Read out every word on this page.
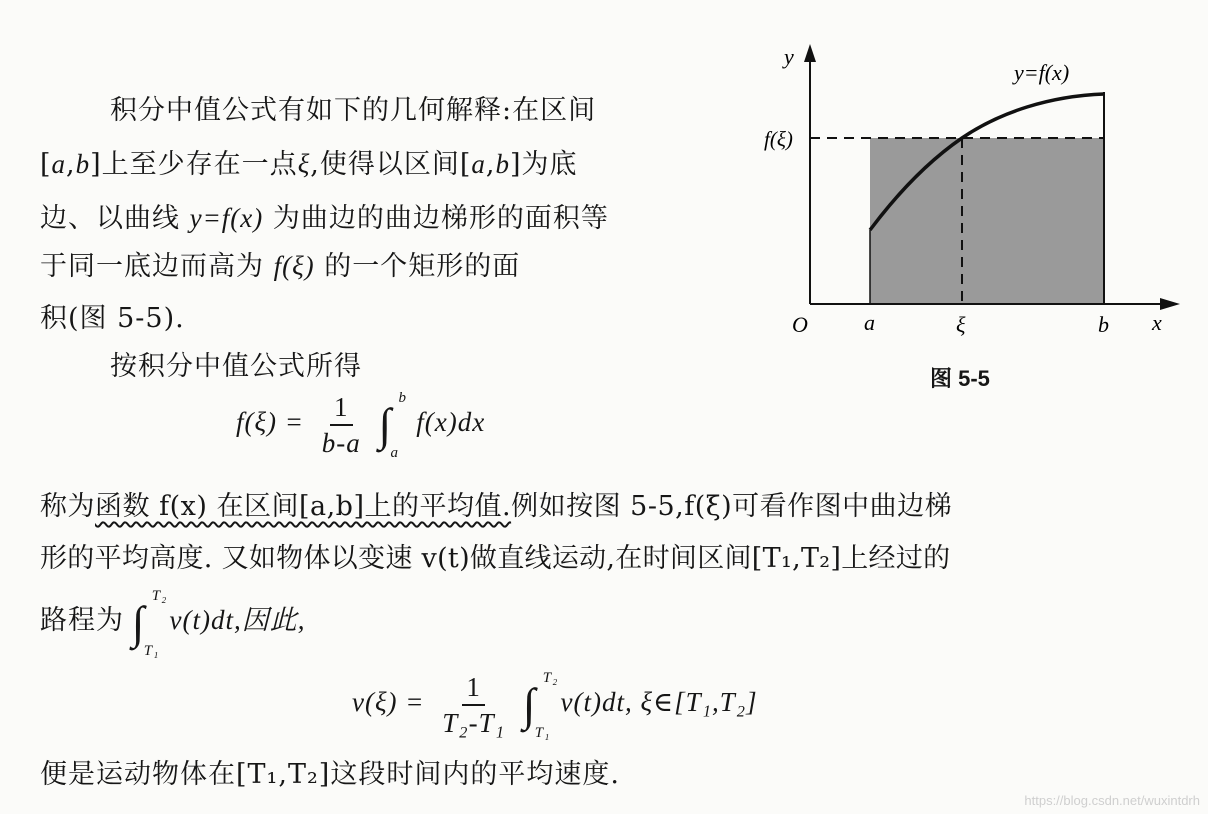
积分中值公式有如下的几何解释:在区间
[a,b]上至少存在一点ξ,使得以区间[a,b]为底
边、以曲线 y=f(x) 为曲边的曲边梯形的面积等
于同一底边而高为 f(ξ) 的一个矩形的面
积(图 5-5).
按积分中值公式所得
$f(\xi) = \frac{1}{b-a}$ ∫
b
a
f(x)dx
称为函数 f(x) 在区间[a,b]上的平均值.例如按图 5-5,f(ξ)可看作图中曲边梯
形的平均高度. 又如物体以变速 v(t)做直线运动,在时间区间[T₁,T₂]上经过的
路程为 ∫
T₂
T₁
v(t)dt,因此,
$v(\xi) = \frac{1}{\text{T₂-T₁}}$ ∫
T₂
T₁
v(t)dt, ξ∈[T₁,T₂]
便是运动物体在[T₁,T₂]这段时间内的平均速度.
y
x
O
y=f(x)
f(ξ)
a	ξ	b
图 5-5
https://blog.csdn.net/wuxintdrh
